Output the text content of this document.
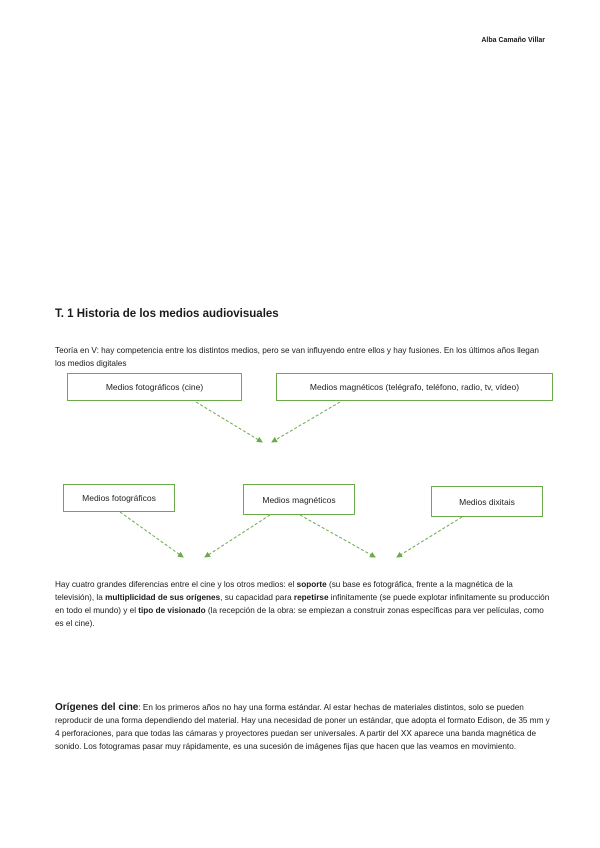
Alba Camaño Villar
T. 1 Historia de los medios audiovisuales
Teoría en V: hay competencia entre los distintos medios, pero se van influyendo entre ellos y hay fusiones. En los últimos años llegan los medios digitales
Medios fotográficos (cine)	Medios magnéticos (telégrafo, teléfono, radio, tv, vídeo)
Medios fotográficos	Medios magnéticos	Medios dixitais
Hay cuatro grandes diferencias entre el cine y los otros medios: el soporte (su base es fotográfica, frente a la magnética de la televisión), la multiplicidad de sus orígenes, su capacidad para repetirse infinitamente (se puede explotar infinitamente su producción en todo el mundo) y el tipo de visionado (la recepción de la obra: se empiezan a construir zonas específicas para ver películas, como es el cine).
Orígenes del cine: En los primeros años no hay una forma estándar. Al estar hechas de materiales distintos, solo se pueden reproducir de una forma dependiendo del material. Hay una necesidad de poner un estándar, que adopta el formato Edison, de 35 mm y 4 perforaciones, para que todas las cámaras y proyectores puedan ser universales. A partir del XX aparece una banda magnética de sonido. Los fotogramas pasar muy rápidamente, es una sucesión de imágenes fijas que hacen que las veamos en movimiento.
